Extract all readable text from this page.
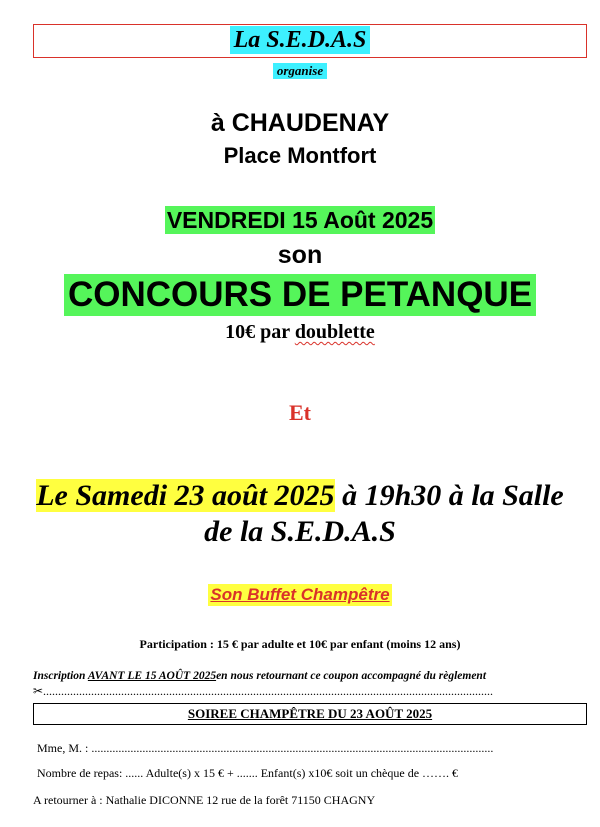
La S.E.D.A.S
organise
à CHAUDENAY
Place Montfort
VENDREDI 15 Août 2025
son
CONCOURS DE PETANQUE
10€ par doublette
Et
Le Samedi 23 août 2025 à 19h30 à la Salle
de la S.E.D.A.S
Son Buffet Champêtre
Participation : 15 € par adulte et 10€ par enfant (moins 12 ans)
Inscription AVANT LE 15 AOÛT 2025en nous retournant ce coupon accompagné du règlement
✂......................................................................................................................................................
SOIREE CHAMPÊTRE DU 23 AOÛT 2025
Mme, M. : ......................................................................................................................................
Nombre de repas: ...... Adulte(s) x 15 € + ....... Enfant(s) x10€ soit un chèque de ……. €
A retourner à : Nathalie DICONNE 12 rue de la forêt 71150 CHAGNY
